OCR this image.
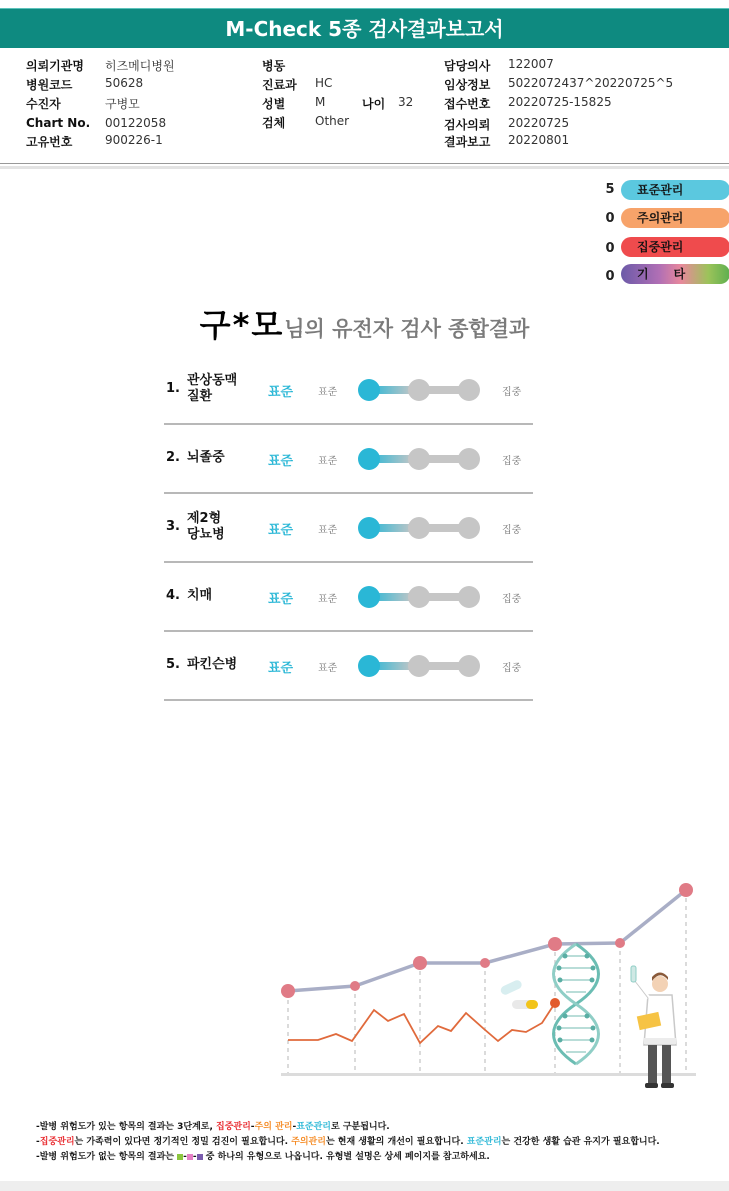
M-Check 5종 검사결과보고서
의뢰기관명 히즈메디병원
병원코드	50628
수진자	구병모
Chart No. 00122058
고유번호	900226-1
병동
진료과 HC
성별 M	나이 32
검체 Other
담당의사 122007
임상정보 5022072437^20220725^5
접수번호 20220725-15825
검사의뢰 20220725
결과보고 20220801
5 표준관리
0 주의관리
0 집중관리
0 기      타
구*모님의 유전자 검사 종합결과
1.
관상동맥
질환	표준 표준	집중
2. 뇌졸중	표준 표준	집중
3.
제2형
당뇨병	표준 표준	집중
4. 치매	표준 표준	집중
5. 파킨슨병 표준 표준	집중
-발병 위험도가 있는 항목의 결과는 3단계로, 집중관리-주의 관리-표준관리로 구분됩니다.
-집중관리는 가족력이 있다면 정기적인 정밀 검진이 필요합니다. 주의관리는 현재 생활의 개선이 필요합니다. 표준관리는 건강한 생활 습관 유지가 필요합니다.
-발병 위험도가 없는 항목의 결과는 - - 중 하나의 유형으로 나옵니다. 유형별 설명은 상세 페이지를 참고하세요.
